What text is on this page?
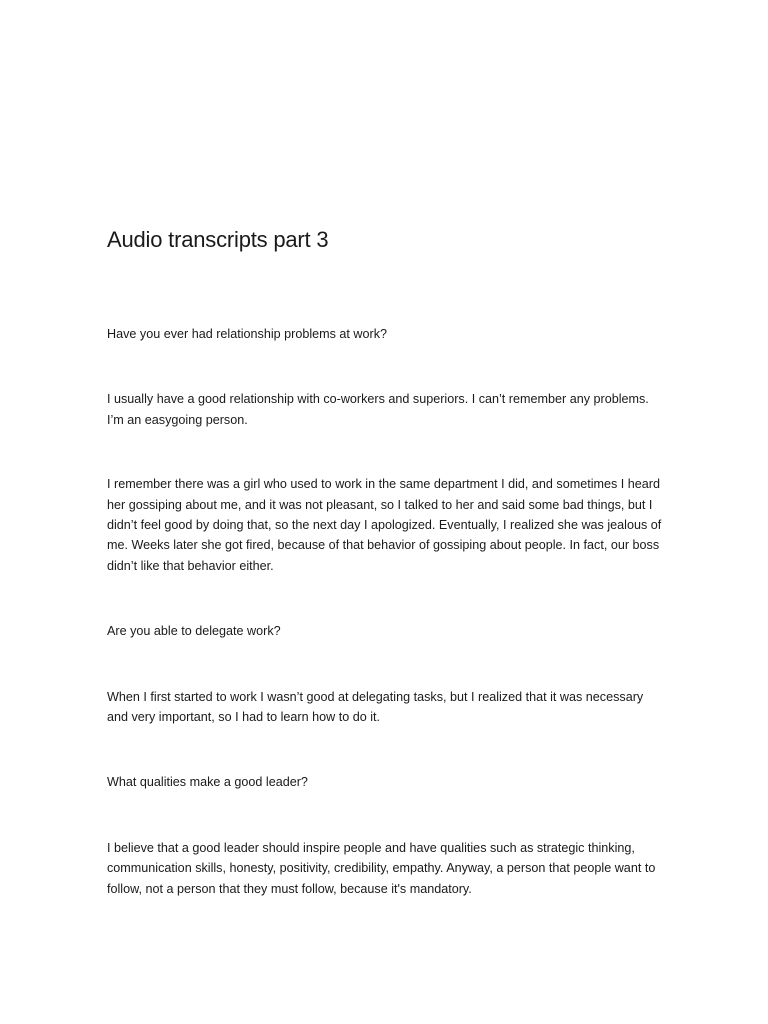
Audio transcripts part 3

Have you ever had relationship problems at work?

I usually have a good relationship with co-workers and superiors. I can’t remember any problems. I’m an easygoing person.

I remember there was a girl who used to work in the same department I did, and sometimes I heard her gossiping about me, and it was not pleasant, so I talked to her and said some bad things, but I didn’t feel good by doing that, so the next day I apologized. Eventually, I realized she was jealous of me. Weeks later she got fired, because of that behavior of gossiping about people. In fact, our boss didn’t like that behavior either.

Are you able to delegate work?

When I first started to work I wasn’t good at delegating tasks, but I realized that it was necessary and very important, so I had to learn how to do it.

What qualities make a good leader?

I believe that a good leader should inspire people and have qualities such as strategic thinking, communication skills, honesty, positivity, credibility, empathy. Anyway, a person that people want to follow, not a person that they must follow, because it's mandatory.
